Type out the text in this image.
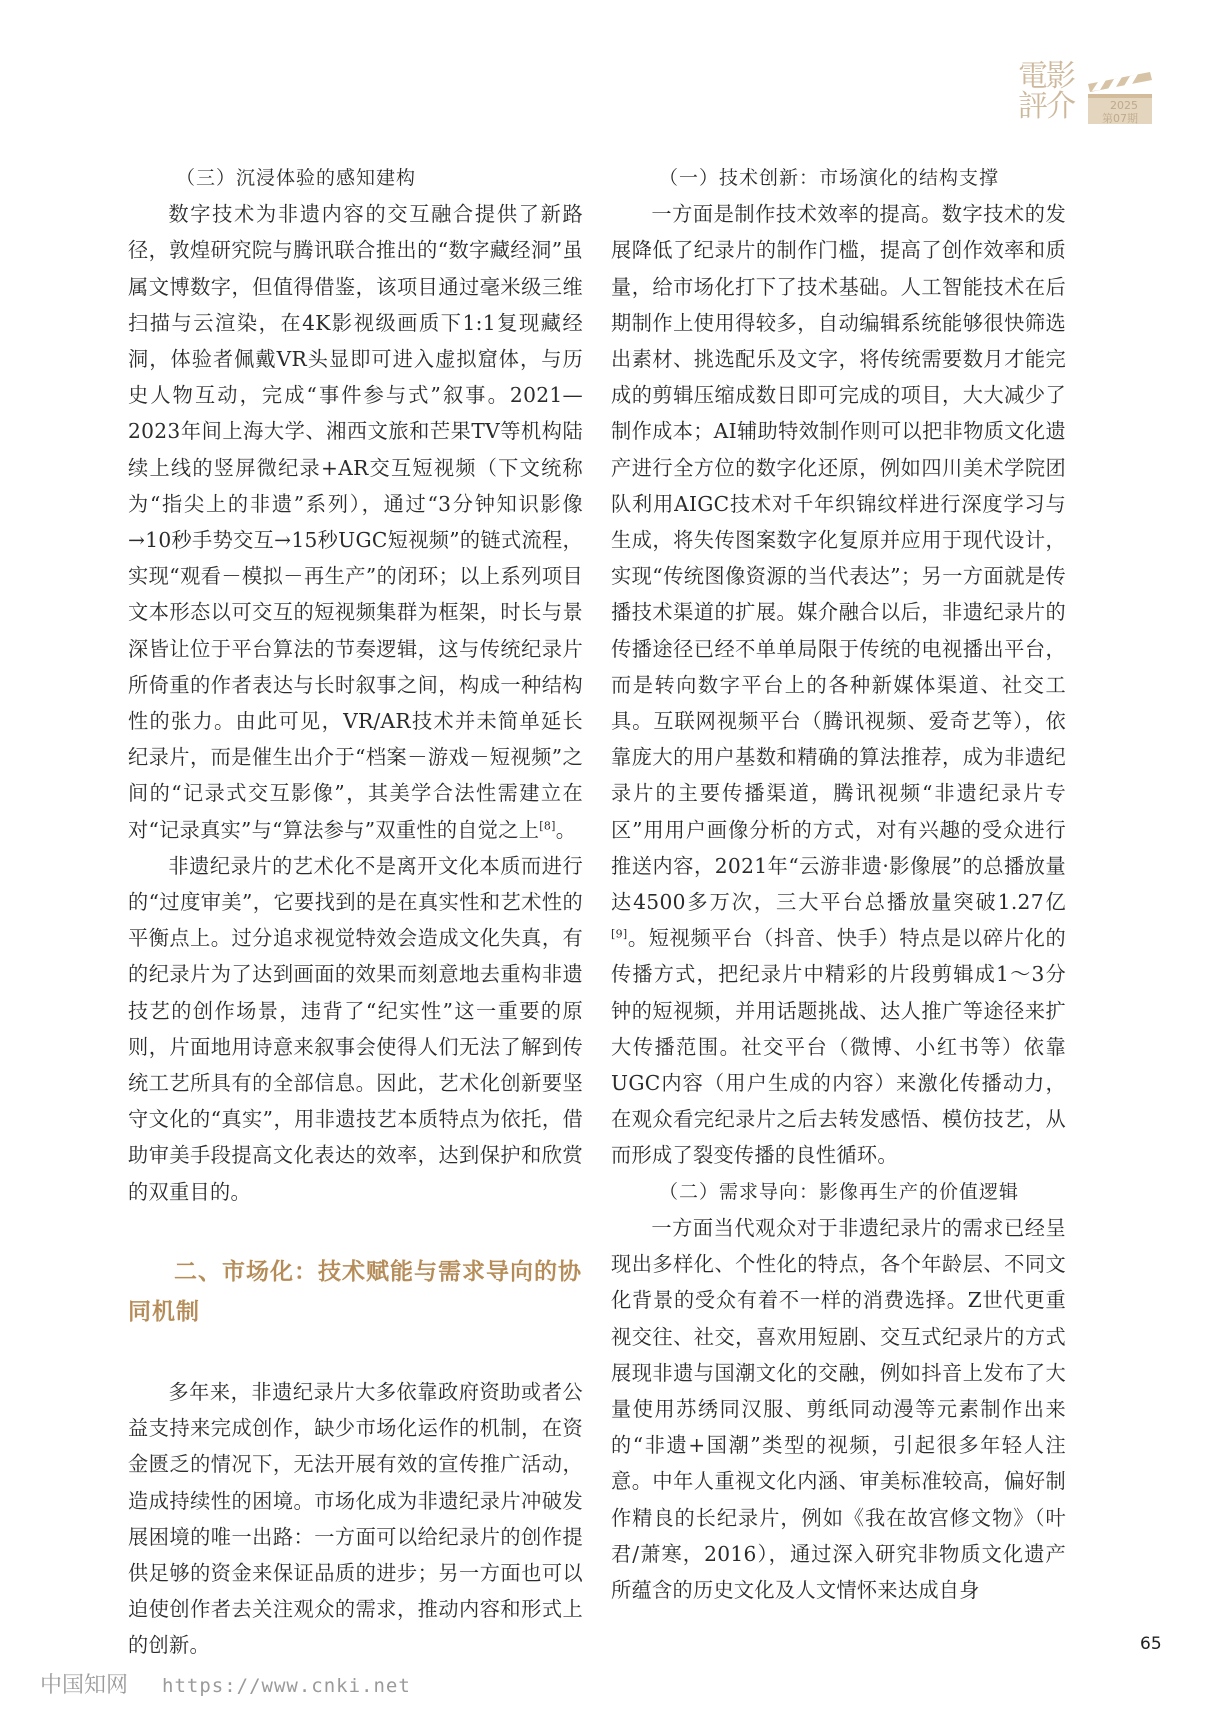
電影評介	2025
第07期

（三）沉浸体验的感知建构

数字技术为非遗内容的交互融合提供了新路径，敦煌研究院与腾讯联合推出的“数字藏经洞”虽属文博数字，但值得借鉴，该项目通过毫米级三维扫描与云渲染，在4K影视级画质下1:1复现藏经洞，体验者佩戴VR头显即可进入虚拟窟体，与历史人物互动，完成“事件参与式”叙事。2021—2023年间上海大学、湘西文旅和芒果TV等机构陆续上线的竖屏微纪录+AR交互短视频（下文统称为“指尖上的非遗”系列），通过“3分钟知识影像→10秒手势交互→15秒UGC短视频”的链式流程，实现“观看－模拟－再生产”的闭环；以上系列项目文本形态以可交互的短视频集群为框架，时长与景深皆让位于平台算法的节奏逻辑，这与传统纪录片所倚重的作者表达与长时叙事之间，构成一种结构性的张力。由此可见，VR/AR技术并未简单延长纪录片，而是催生出介于“档案－游戏－短视频”之间的“记录式交互影像”，其美学合法性需建立在对“记录真实”与“算法参与”双重性的自觉之上[8]。

非遗纪录片的艺术化不是离开文化本质而进行的“过度审美”，它要找到的是在真实性和艺术性的平衡点上。过分追求视觉特效会造成文化失真，有的纪录片为了达到画面的效果而刻意地去重构非遗技艺的创作场景，违背了“纪实性”这一重要的原则，片面地用诗意来叙事会使得人们无法了解到传统工艺所具有的全部信息。因此，艺术化创新要坚守文化的“真实”，用非遗技艺本质特点为依托，借助审美手段提高文化表达的效率，达到保护和欣赏的双重目的。

二、市场化：技术赋能与需求导向的协同机制

多年来，非遗纪录片大多依靠政府资助或者公益支持来完成创作，缺少市场化运作的机制，在资金匮乏的情况下，无法开展有效的宣传推广活动，造成持续性的困境。市场化成为非遗纪录片冲破发展困境的唯一出路：一方面可以给纪录片的创作提供足够的资金来保证品质的进步；另一方面也可以迫使创作者去关注观众的需求，推动内容和形式上的创新。

（一）技术创新：市场演化的结构支撑

一方面是制作技术效率的提高。数字技术的发展降低了纪录片的制作门槛，提高了创作效率和质量，给市场化打下了技术基础。人工智能技术在后期制作上使用得较多，自动编辑系统能够很快筛选出素材、挑选配乐及文字，将传统需要数月才能完成的剪辑压缩成数日即可完成的项目，大大减少了制作成本；AI辅助特效制作则可以把非物质文化遗产进行全方位的数字化还原，例如四川美术学院团队利用AIGC技术对千年织锦纹样进行深度学习与生成，将失传图案数字化复原并应用于现代设计，实现“传统图像资源的当代表达”；另一方面就是传播技术渠道的扩展。媒介融合以后，非遗纪录片的传播途径已经不单单局限于传统的电视播出平台，而是转向数字平台上的各种新媒体渠道、社交工具。互联网视频平台（腾讯视频、爱奇艺等），依靠庞大的用户基数和精确的算法推荐，成为非遗纪录片的主要传播渠道，腾讯视频“非遗纪录片专区”用用户画像分析的方式，对有兴趣的受众进行推送内容，2021年“云游非遗·影像展”的总播放量达4500多万次，三大平台总播放量突破1.27亿[9]。短视频平台（抖音、快手）特点是以碎片化的传播方式，把纪录片中精彩的片段剪辑成1～3分钟的短视频，并用话题挑战、达人推广等途径来扩大传播范围。社交平台（微博、小红书等）依靠UGC内容（用户生成的内容）来激化传播动力，在观众看完纪录片之后去转发感悟、模仿技艺，从而形成了裂变传播的良性循环。

（二）需求导向：影像再生产的价值逻辑

一方面当代观众对于非遗纪录片的需求已经呈现出多样化、个性化的特点，各个年龄层、不同文化背景的受众有着不一样的消费选择。Z世代更重视交往、社交，喜欢用短剧、交互式纪录片的方式展现非遗与国潮文化的交融，例如抖音上发布了大量使用苏绣同汉服、剪纸同动漫等元素制作出来的“非遗+国潮”类型的视频，引起很多年轻人注意。中年人重视文化内涵、审美标准较高，偏好制作精良的长纪录片，例如《我在故宫修文物》（叶君/萧寒，2016），通过深入研究非物质文化遗产所蕴含的历史文化及人文情怀来达成自身

65
中国知网 https://www.cnki.net
